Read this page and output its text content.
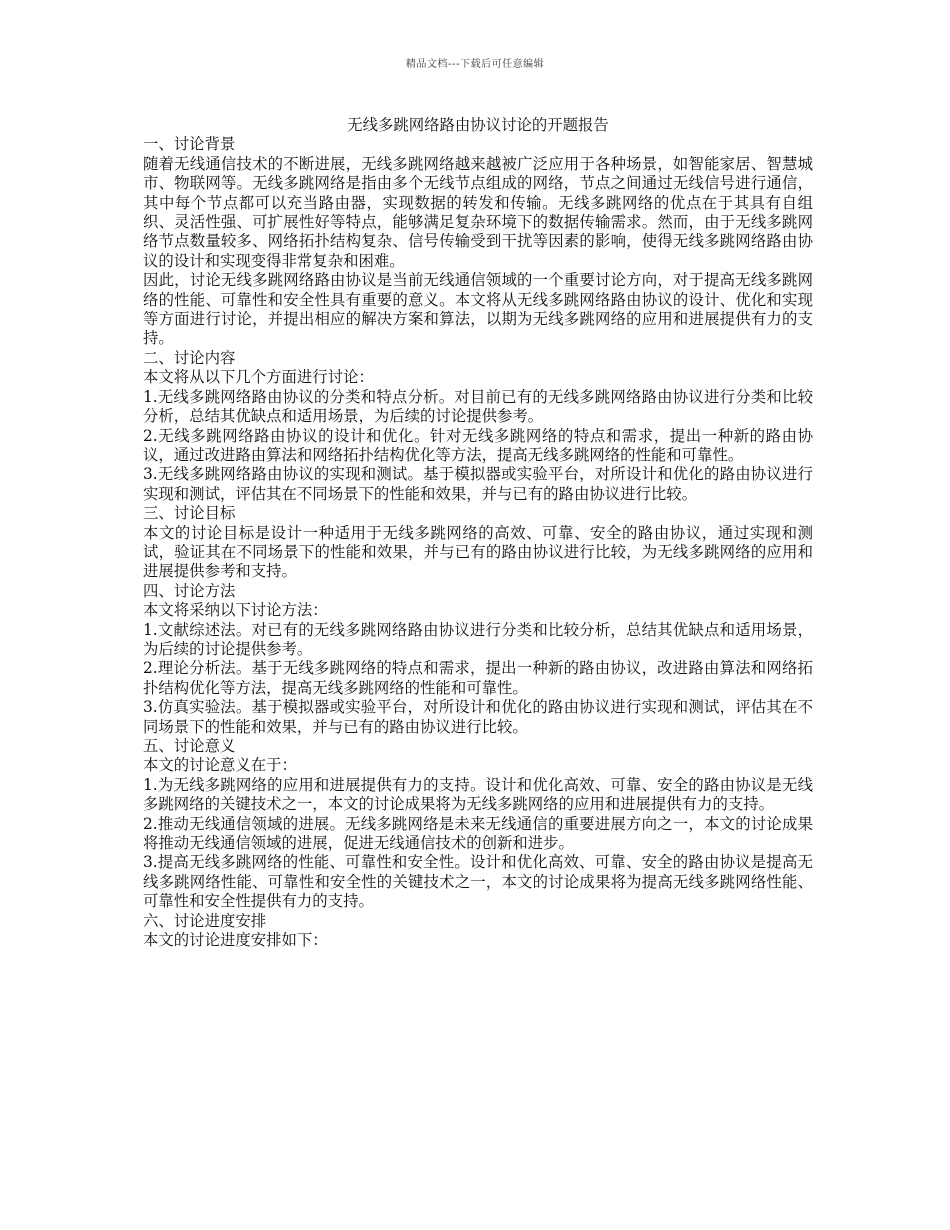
精品文档---下载后可任意编辑

无线多跳网络路由协议讨论的开题报告

一、讨论背景

随着无线通信技术的不断进展，无线多跳网络越来越被广泛应用于各种场景，如智能家居、智慧城市、物联网等。无线多跳网络是指由多个无线节点组成的网络，节点之间通过无线信号进行通信，其中每个节点都可以充当路由器，实现数据的转发和传输。无线多跳网络的优点在于其具有自组织、灵活性强、可扩展性好等特点，能够满足复杂环境下的数据传输需求。然而，由于无线多跳网络节点数量较多、网络拓扑结构复杂、信号传输受到干扰等因素的影响，使得无线多跳网络路由协议的设计和实现变得非常复杂和困难。

因此，讨论无线多跳网络路由协议是当前无线通信领域的一个重要讨论方向，对于提高无线多跳网络的性能、可靠性和安全性具有重要的意义。本文将从无线多跳网络路由协议的设计、优化和实现等方面进行讨论，并提出相应的解决方案和算法，以期为无线多跳网络的应用和进展提供有力的支持。

二、讨论内容

本文将从以下几个方面进行讨论：

1.无线多跳网络路由协议的分类和特点分析。对目前已有的无线多跳网络路由协议进行分类和比较分析，总结其优缺点和适用场景，为后续的讨论提供参考。

2.无线多跳网络路由协议的设计和优化。针对无线多跳网络的特点和需求，提出一种新的路由协议，通过改进路由算法和网络拓扑结构优化等方法，提高无线多跳网络的性能和可靠性。

3.无线多跳网络路由协议的实现和测试。基于模拟器或实验平台，对所设计和优化的路由协议进行实现和测试，评估其在不同场景下的性能和效果，并与已有的路由协议进行比较。

三、讨论目标

本文的讨论目标是设计一种适用于无线多跳网络的高效、可靠、安全的路由协议，通过实现和测试，验证其在不同场景下的性能和效果，并与已有的路由协议进行比较，为无线多跳网络的应用和进展提供参考和支持。

四、讨论方法

本文将采纳以下讨论方法：

1.文献综述法。对已有的无线多跳网络路由协议进行分类和比较分析，总结其优缺点和适用场景，为后续的讨论提供参考。

2.理论分析法。基于无线多跳网络的特点和需求，提出一种新的路由协议，改进路由算法和网络拓扑结构优化等方法，提高无线多跳网络的性能和可靠性。

3.仿真实验法。基于模拟器或实验平台，对所设计和优化的路由协议进行实现和测试，评估其在不同场景下的性能和效果，并与已有的路由协议进行比较。

五、讨论意义

本文的讨论意义在于：

1.为无线多跳网络的应用和进展提供有力的支持。设计和优化高效、可靠、安全的路由协议是无线多跳网络的关键技术之一，本文的讨论成果将为无线多跳网络的应用和进展提供有力的支持。

2.推动无线通信领域的进展。无线多跳网络是未来无线通信的重要进展方向之一，本文的讨论成果将推动无线通信领域的进展，促进无线通信技术的创新和进步。

3.提高无线多跳网络的性能、可靠性和安全性。设计和优化高效、可靠、安全的路由协议是提高无线多跳网络性能、可靠性和安全性的关键技术之一，本文的讨论成果将为提高无线多跳网络性能、可靠性和安全性提供有力的支持。

六、讨论进度安排

本文的讨论进度安排如下：
